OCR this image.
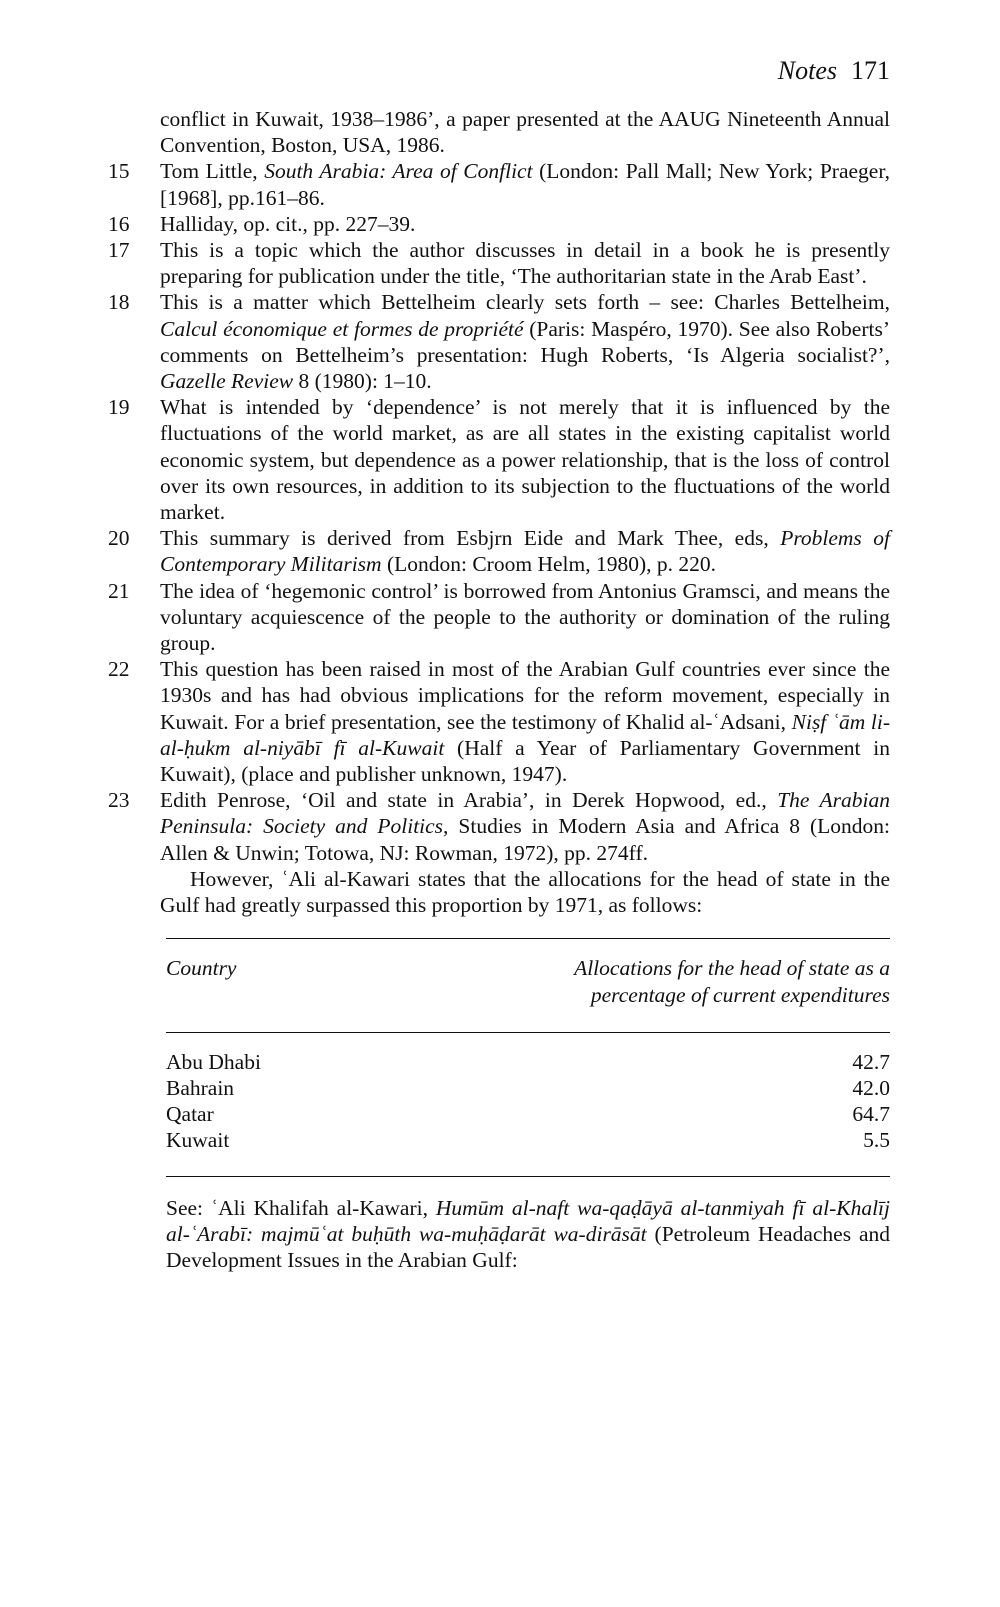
Notes 171
conflict in Kuwait, 1938–1986’, a paper presented at the AAUG Nineteenth Annual Convention, Boston, USA, 1986.
15	Tom Little, South Arabia: Area of Conflict (London: Pall Mall; New York; Praeger, [1968], pp.161–86.
16	Halliday, op. cit., pp. 227–39.
17	This is a topic which the author discusses in detail in a book he is presently preparing for publication under the title, ‘The authoritarian state in the Arab East’.
18	This is a matter which Bettelheim clearly sets forth – see: Charles Bettelheim, Calcul économique et formes de propriété (Paris: Maspéro, 1970). See also Roberts’ comments on Bettelheim’s presentation: Hugh Roberts, ‘Is Algeria socialist?’, Gazelle Review 8 (1980): 1–10.
19	What is intended by ‘dependence’ is not merely that it is influenced by the fluctuations of the world market, as are all states in the existing capitalist world economic system, but dependence as a power relationship, that is the loss of control over its own resources, in addition to its subjection to the fluctuations of the world market.
20	This summary is derived from Esbjrn Eide and Mark Thee, eds, Problems of Contemporary Militarism (London: Croom Helm, 1980), p. 220.
21	The idea of ‘hegemonic control’ is borrowed from Antonius Gramsci, and means the voluntary acquiescence of the people to the authority or domination of the ruling group.
22	This question has been raised in most of the Arabian Gulf countries ever since the 1930s and has had obvious implications for the reform movement, especially in Kuwait. For a brief presentation, see the testimony of Khalid al-ʿAdsani, Niṣf ʿām li-al-ḥukm al-niyābī fī al-Kuwait (Half a Year of Parliamentary Government in Kuwait), (place and publisher unknown, 1947).
23	Edith Penrose, ‘Oil and state in Arabia’, in Derek Hopwood, ed., The Arabian Peninsula: Society and Politics, Studies in Modern Asia and Africa 8 (London: Allen & Unwin; Totowa, NJ: Rowman, 1972), pp. 274ff.
However, ʿAli al-Kawari states that the allocations for the head of state in the Gulf had greatly surpassed this proportion by 1971, as follows:
Country	Allocations for the head of state as a percentage of current expenditures
Abu Dhabi	42.7
Bahrain	42.0
Qatar	64.7
Kuwait	5.5
See: ʿAli Khalifah al-Kawari, Humūm al-naft wa-qaḍāyā al-tanmiyah fī al-Khalīj al-ʿArabī: majmūʿat buḥūth wa-muḥāḍarāt wa-dirāsāt (Petroleum Headaches and Development Issues in the Arabian Gulf:
